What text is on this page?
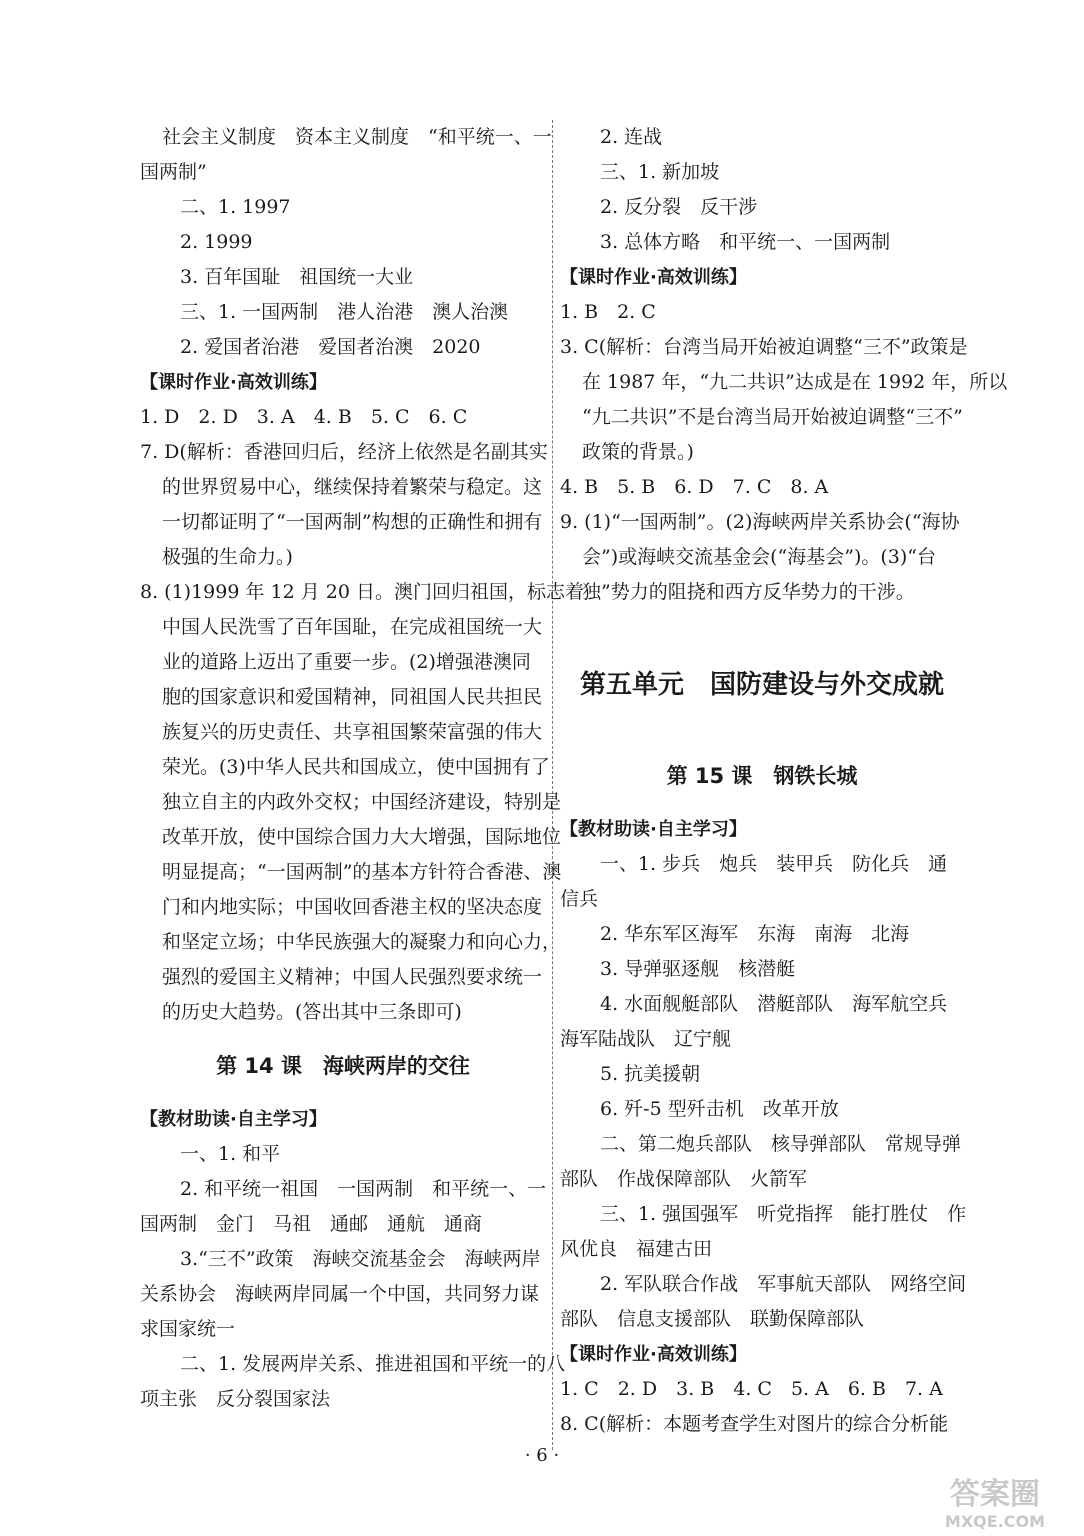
社会主义制度　资本主义制度　“和平统一、一
国两制”
二、1. 1997
2. 1999
3. 百年国耻　祖国统一大业
三、1. 一国两制　港人治港　澳人治澳
2. 爱国者治港　爱国者治澳　2020
【课时作业·高效训练】
1. D　2. D　3. A　4. B　5. C　6. C
7. D(解析：香港回归后，经济上依然是名副其实
的世界贸易中心，继续保持着繁荣与稳定。这
一切都证明了“一国两制”构想的正确性和拥有
极强的生命力。)
8. (1)1999 年 12 月 20 日。澳门回归祖国，标志着
中国人民洗雪了百年国耻，在完成祖国统一大
业的道路上迈出了重要一步。(2)增强港澳同
胞的国家意识和爱国精神，同祖国人民共担民
族复兴的历史责任、共享祖国繁荣富强的伟大
荣光。(3)中华人民共和国成立，使中国拥有了
独立自主的内政外交权；中国经济建设，特别是
改革开放，使中国综合国力大大增强，国际地位
明显提高；“一国两制”的基本方针符合香港、澳
门和内地实际；中国收回香港主权的坚决态度
和坚定立场；中华民族强大的凝聚力和向心力，
强烈的爱国主义精神；中国人民强烈要求统一
的历史大趋势。(答出其中三条即可)
第 14 课　海峡两岸的交往
【教材助读·自主学习】
一、1. 和平
2. 和平统一祖国　一国两制　和平统一、一
国两制　金门　马祖　通邮　通航　通商
3.“三不”政策　海峡交流基金会　海峡两岸
关系协会　海峡两岸同属一个中国，共同努力谋
求国家统一
二、1. 发展两岸关系、推进祖国和平统一的八
项主张　反分裂国家法
2. 连战
三、1. 新加坡
2. 反分裂　反干涉
3. 总体方略　和平统一、一国两制
【课时作业·高效训练】
1. B　2. C
3. C(解析：台湾当局开始被迫调整“三不”政策是
在 1987 年，“九二共识”达成是在 1992 年，所以
“九二共识”不是台湾当局开始被迫调整“三不”
政策的背景。)
4. B　5. B　6. D　7. C　8. A
9. (1)“一国两制”。(2)海峡两岸关系协会(“海协
会”)或海峡交流基金会(“海基会”)。(3)“台
独”势力的阻挠和西方反华势力的干涉。
第五单元　国防建设与外交成就
第 15 课　钢铁长城
【教材助读·自主学习】
一、1. 步兵　炮兵　装甲兵　防化兵　通
信兵
2. 华东军区海军　东海　南海　北海
3. 导弹驱逐舰　核潜艇
4. 水面舰艇部队　潜艇部队　海军航空兵
海军陆战队　辽宁舰
5. 抗美援朝
6. 歼-5 型歼击机　改革开放
二、第二炮兵部队　核导弹部队　常规导弹
部队　作战保障部队　火箭军
三、1. 强国强军　听党指挥　能打胜仗　作
风优良　福建古田
2. 军队联合作战　军事航天部队　网络空间
部队　信息支援部队　联勤保障部队
【课时作业·高效训练】
1. C　2. D　3. B　4. C　5. A　6. B　7. A
8. C(解析：本题考查学生对图片的综合分析能
· 6 ·
答案圈
MXQE.COM
